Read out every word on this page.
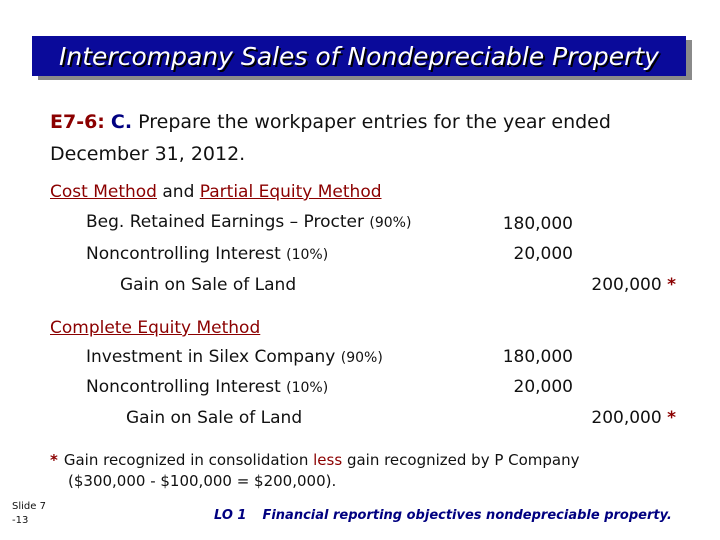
Intercompany Sales of Nondepreciable Property
E7-6: C. Prepare the workpaper entries for the year ended
December 31, 2012.
Cost Method and Partial Equity Method
Beg. Retained Earnings – Procter (90%)	180,000
Noncontrolling Interest (10%)	20,000
Gain on Sale of Land	200,000 *
Complete Equity Method
Investment in Silex Company (90%)	180,000
Noncontrolling Interest (10%)	20,000
Gain on Sale of Land	200,000 *
* Gain recognized in consolidation less gain recognized by P Company
($300,000 - $100,000 = $200,000).
Slide 7
-13	LO 1 Financial reporting objectives nondepreciable property.
